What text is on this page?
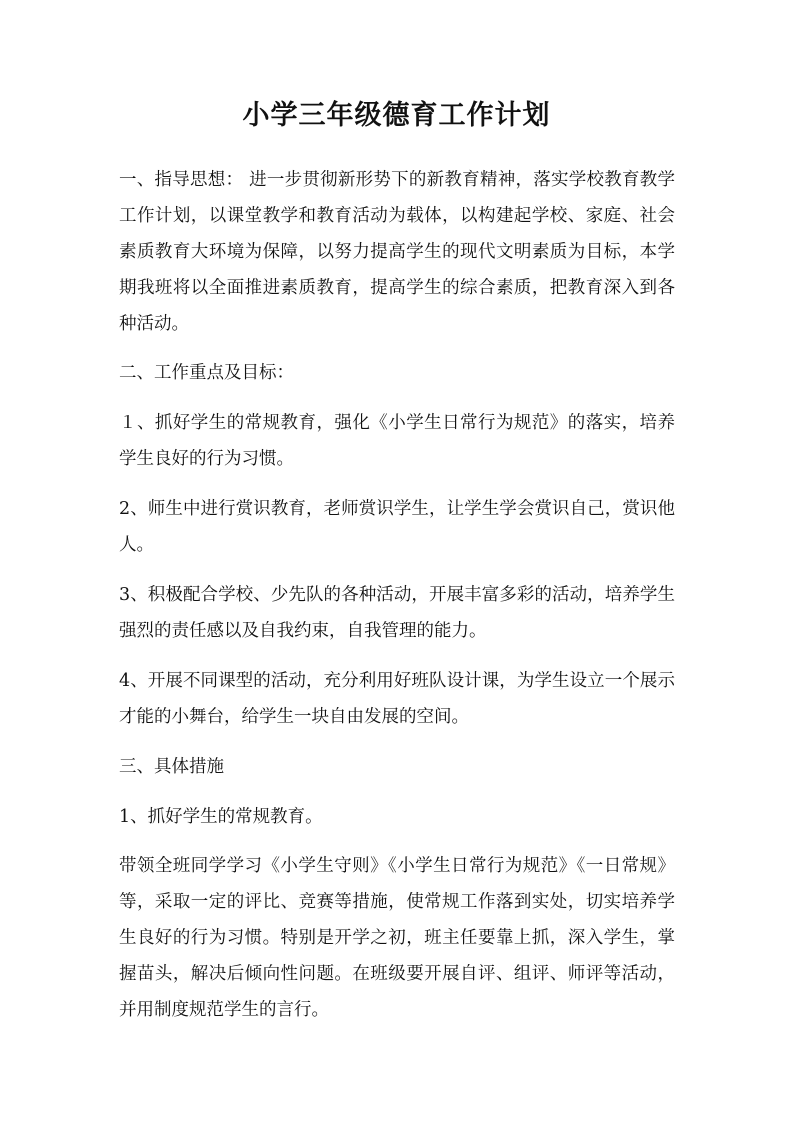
小学三年级德育工作计划
一、指导思想： 进一步贯彻新形势下的新教育精神，落实学校教育教学工作计划，以课堂教学和教育活动为载体，以构建起学校、家庭、社会素质教育大环境为保障，以努力提高学生的现代文明素质为目标，本学期我班将以全面推进素质教育，提高学生的综合素质，把教育深入到各种活动。
二、工作重点及目标：
１、抓好学生的常规教育，强化《小学生日常行为规范》的落实，培养学生良好的行为习惯。
2、师生中进行赏识教育，老师赏识学生，让学生学会赏识自己，赏识他人。
3、积极配合学校、少先队的各种活动，开展丰富多彩的活动，培养学生强烈的责任感以及自我约束，自我管理的能力。
4、开展不同课型的活动，充分利用好班队设计课，为学生设立一个展示才能的小舞台，给学生一块自由发展的空间。
三、具体措施
1、抓好学生的常规教育。
带领全班同学学习《小学生守则》《小学生日常行为规范》《一日常规》等，采取一定的评比、竞赛等措施，使常规工作落到实处，切实培养学生良好的行为习惯。特别是开学之初，班主任要靠上抓，深入学生，掌握苗头，解决后倾向性问题。在班级要开展自评、组评、师评等活动，并用制度规范学生的言行。
